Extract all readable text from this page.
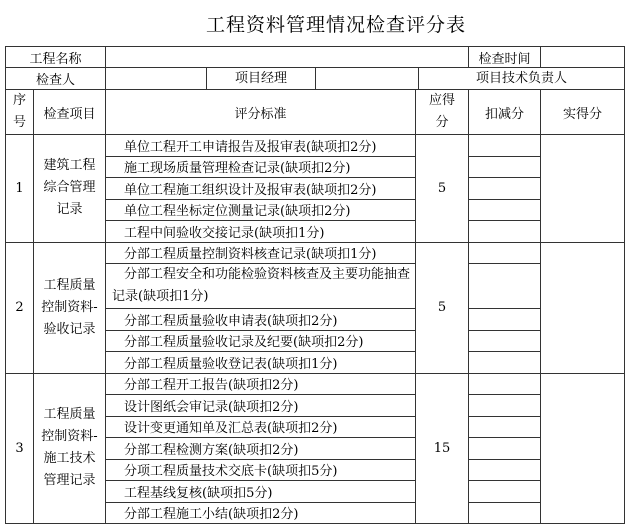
工程资料管理情况检查评分表
工程名称				检查时间	
检查人		项目经理 项目技术负责人			

序号	检查项目	评分标准	应得分	扣减分	实得分
1	建筑工程综合管理记录	单位工程开工申请报告及报审表(缺项扣2分)	5		
		施工现场质量管理检查记录(缺项扣2分)			
		单位工程施工组织设计及报审表(缺项扣2分)			
		单位工程坐标定位测量记录(缺项扣2分)			
		工程中间验收交接记录(缺项扣1分)			
2	工程质量控制资料-验收记录	分部工程质量控制资料核查记录(缺项扣1分)	5		
		分部工程安全和功能检验资料核查及主要功能抽查记录(缺项扣1分)			
		分部工程质量验收申请表(缺项扣2分)			
		分部工程质量验收记录及纪要(缺项扣2分)			
		分部工程质量验收登记表(缺项扣1分)			
3	工程质量控制资料-施工技术管理记录	分部工程开工报告(缺项扣2分)	15		
		设计图纸会审记录(缺项扣2分)			
		设计变更通知单及汇总表(缺项扣2分)			
		分部工程检测方案(缺项扣2分)			
		分项工程质量技术交底卡(缺项扣5分)			
		工程基线复核(缺项扣5分)			
		分部工程施工小结(缺项扣2分)			
